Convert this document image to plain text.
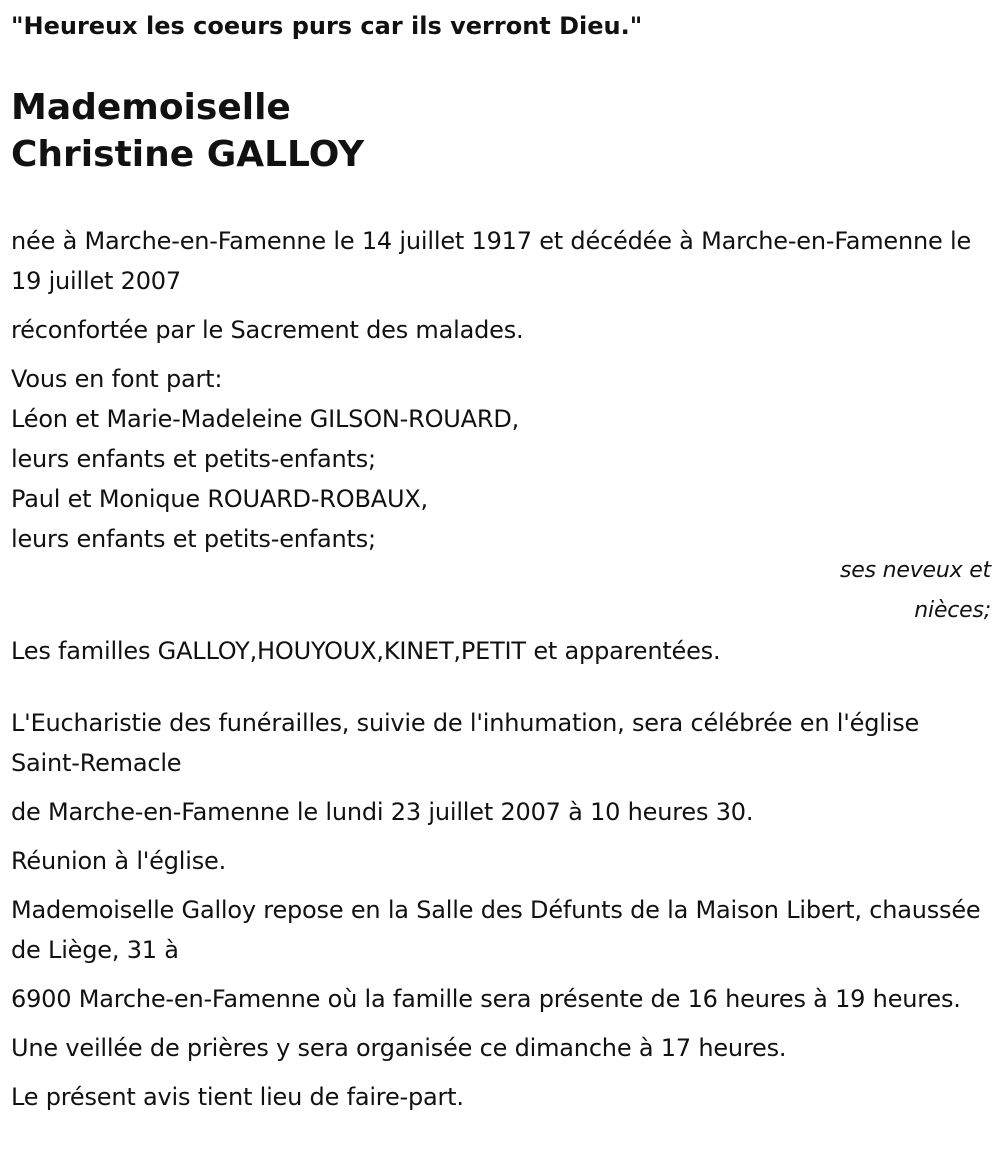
"Heureux les coeurs purs car ils verront Dieu."
Mademoiselle
Christine GALLOY

née à Marche-en-Famenne le 14 juillet 1917 et décédée à Marche-en-Famenne le 19 juillet 2007

réconfortée par le Sacrement des malades.

Vous en font part:

Léon et Marie-Madeleine GILSON-ROUARD,

leurs enfants et petits-enfants;

Paul et Monique ROUARD-ROBAUX,

leurs enfants et petits-enfants;

ses neveux et nièces;

Les familles GALLOY,HOUYOUX,KINET,PETIT et apparentées.

L'Eucharistie des funérailles, suivie de l'inhumation, sera célébrée en l'église Saint-Remacle

de Marche-en-Famenne le lundi 23 juillet 2007 à 10 heures 30.

Réunion à l'église.

Mademoiselle Galloy repose en la Salle des Défunts de la Maison Libert, chaussée de Liège, 31 à

6900 Marche-en-Famenne où la famille sera présente de 16 heures à 19 heures.

Une veillée de prières y sera organisée ce dimanche à 17 heures.

Le présent avis tient lieu de faire-part.
